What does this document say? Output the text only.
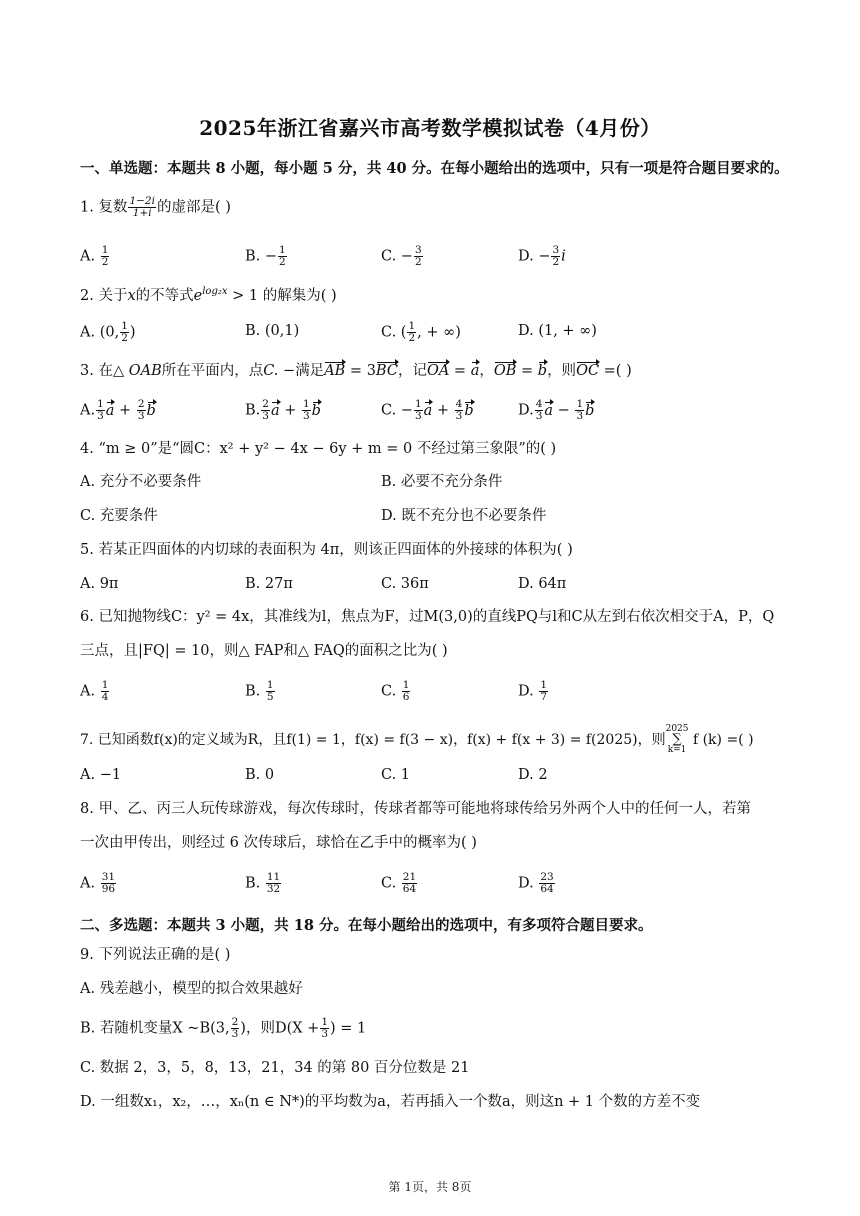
2025年浙江省嘉兴市高考数学模拟试卷（4月份）
一、单选题：本题共 8 小题，每小题 5 分，共 40 分。在每小题给出的选项中，只有一项是符合题目要求的。
1. 复数 $\frac{1-2i}{1+i}$ 的虚部是( )
A. $\frac{1}{2}$	B. − $\frac{1}{2}$	C. − $\frac{3}{2}$	D. − $\frac{3}{2}$ i
2. 关于x的不等式$e^{log_2x} > 1$ 的解集为( )
A. (0, $\frac{1}{2}$ )	B. (0,1)	C. ( $\frac{1}{2}$ , + ∞)	D. (1, + ∞)
3. 在△ OAB所在平面内，点C. −满足AB = 3BC，记OA = a，OB = b，则OC =( )
A. $\frac{1}{3}$ $a + \frac{2}{3}$ b	B. $\frac{2}{3}$ $a + \frac{1}{3}$ b	C. − $\frac{1}{3}$ $a + \frac{4}{3}$ b	D. $\frac{4}{3}$ $a - \frac{1}{3}$ b
4. “m ≥ 0”是“圆C：x² + y² − 4x − 6y + m = 0 不经过第三象限”的( )
A. 充分不必要条件	B. 必要不充分条件
C. 充要条件	D. 既不充分也不必要条件
5. 若某正四面体的内切球的表面积为 4π，则该正四面体的外接球的体积为( )
A. 9π	B. 27π	C. 36π	D. 64π
6. 已知抛物线C：y² = 4x，其准线为l，焦点为F，过M(3,0)的直线PQ与l和C从左到右依次相交于A，P，Q
三点，且|FQ| = 10，则△ FAP和△ FAQ的面积之比为( )
A. $\frac{1}{4}$	B. $\frac{1}{5}$	C. $\frac{1}{6}$	D. $\frac{1}{7}$
7. 已知函数f(x)的定义域为R，且f(1) = 1，f(x) = f(3 − x)，f(x) + f(x + 3) = f(2025)，则
2025
∑
k=1
f (k) =( )
A. −1	B. 0	C. 1	D. 2
8. 甲、乙、丙三人玩传球游戏，每次传球时，传球者都等可能地将球传给另外两个人中的任何一人，若第
一次由甲传出，则经过 6 次传球后，球恰在乙手中的概率为( )
A. $\frac{31}{96}$	B. $\frac{11}{32}$	C. $\frac{21}{64}$	D. $\frac{23}{64}$
二、多选题：本题共 3 小题，共 18 分。在每小题给出的选项中，有多项符合题目要求。
9. 下列说法正确的是( )
A. 残差越小，模型的拟合效果越好
B. 若随机变量X ~B(3, $\frac{2}{3}$ )，则$D(X + \frac{1}{3}$ ) = 1
C. 数据 2，3，5，8，13，21，34 的第 80 百分位数是 21
D. 一组数x₁，x₂，…，xₙ(n ∈ N*)的平均数为a，若再插入一个数a，则这n + 1 个数的方差不变
第 1页，共 8页
